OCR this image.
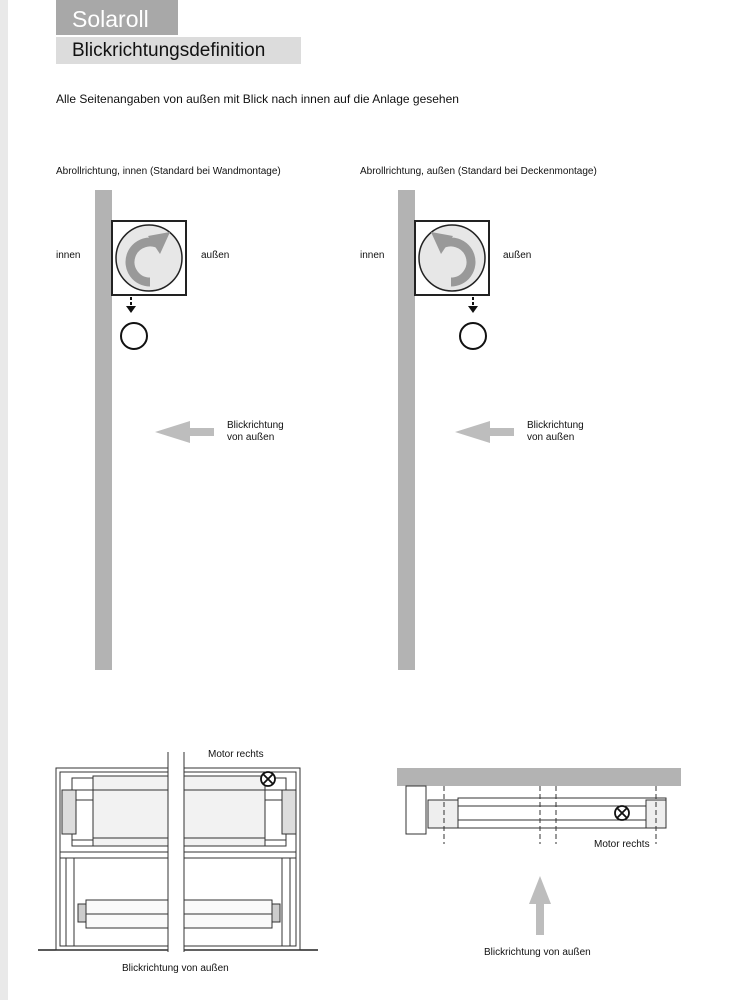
Solaroll
Blickrichtungsdefinition
Alle Seitenangaben von außen mit Blick nach innen auf die Anlage gesehen
Abrollrichtung, innen (Standard bei Wandmontage)
innen	außen
Blickrichtung
von außen
Abrollrichtung, außen (Standard bei Deckenmontage)
innen	außen
Blickrichtung
von außen
Motor rechts
Blickrichtung von außen
Motor rechts
Blickrichtung von außen
